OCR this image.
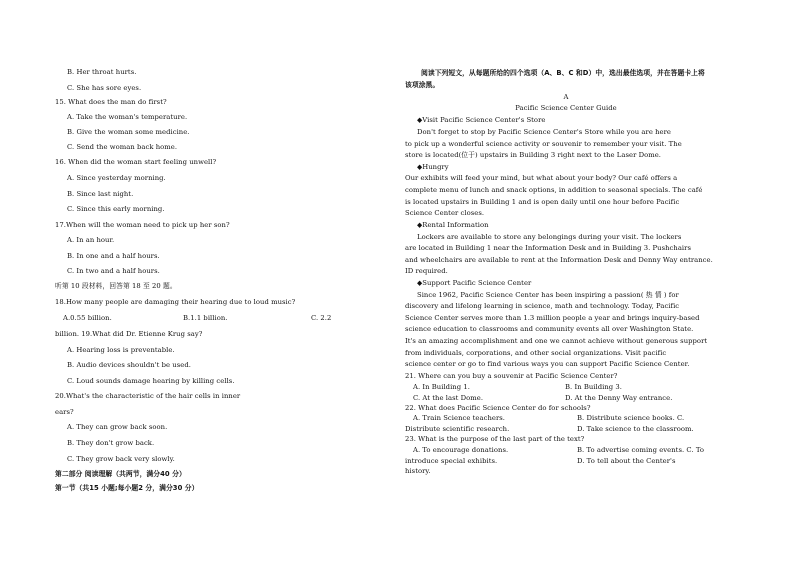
B. Her throat hurts.
C. She has sore eyes.
15. What does the man do first?
A. Take the woman's temperature.
B. Give the woman some medicine.
C. Send the woman back home.
16. When did the woman start feeling unwell?
A. Since yesterday morning.
B. Since last night.
C. Since this early morning.
17.When will the woman need to pick up her son?
A. In an hour.
B. In one and a half hours.
C. In two and a half hours.
听第 10 段材料，回答第 18 至 20 题。
18.How many people are damaging their hearing due to loud music?
A.0.55 billion.	B.1.1 billion.	C. 2.2
billion. 19.What did Dr. Etienne Krug say?
A. Hearing loss is preventable.
B. Audio devices shouldn't be used.
C. Loud sounds damage hearing by killing cells.
20.What's the characteristic of the hair cells in inner
ears?
A. They can grow back soon.
B. They don't grow back.
C. They grow back very slowly.
第二部分 阅读理解（共两节，满分40 分）
第一节（共15 小题;每小题2 分，满分30 分）
阅读下列短文，从每题所给的四个选项（A、B、C 和D）中，选出最佳选项，并在答题卡上将
该项涂黑。
A
Pacific Science Center Guide
◆Visit Pacific Science Center's Store
Don't forget to stop by Pacific Science Center's Store while you are here
to pick up a wonderful science activity or souvenir to remember your visit. The
store is located(位于) upstairs in Building 3 right next to the Laser Dome.
◆Hungry
Our exhibits will feed your mind, but what about your body? Our café offers a
complete menu of lunch and snack options, in addition to seasonal specials. The café
is located upstairs in Building 1 and is open daily until one hour before Pacific
Science Center closes.
◆Rental Information
Lockers are available to store any belongings during your visit. The lockers
are located in Building 1 near the Information Desk and in Building 3. Pushchairs
and wheelchairs are available to rent at the Information Desk and Denny Way entrance.
ID required.
◆Support Pacific Science Center
Since 1962, Pacific Science Center has been inspiring a passion( 热 情 ) for
discovery and lifelong learning in science, math and technology. Today, Pacific
Science Center serves more than 1.3 million people a year and brings inquiry-based
science education to classrooms and community events all over Washington State.
It's an amazing accomplishment and one we cannot achieve without generous support
from individuals, corporations, and other social organizations. Visit pacific
science center or go to find various ways you can support Pacific Science Center.
21. Where can you buy a souvenir at Pacific Science Center?
A. In Building 1.	B. In Building 3.
C. At the last Dome.	D. At the Denny Way entrance.
22. What does Pacific Science Center do for schools?
A. Train Science teachers.	B. Distribute science books. C.
Distribute scientific research.	D. Take science to the classroom.
23. What is the purpose of the last part of the text?
A. To encourage donations.	B. To advertise coming events. C. To
introduce special exhibits.	D. To tell about the Center's
history.
